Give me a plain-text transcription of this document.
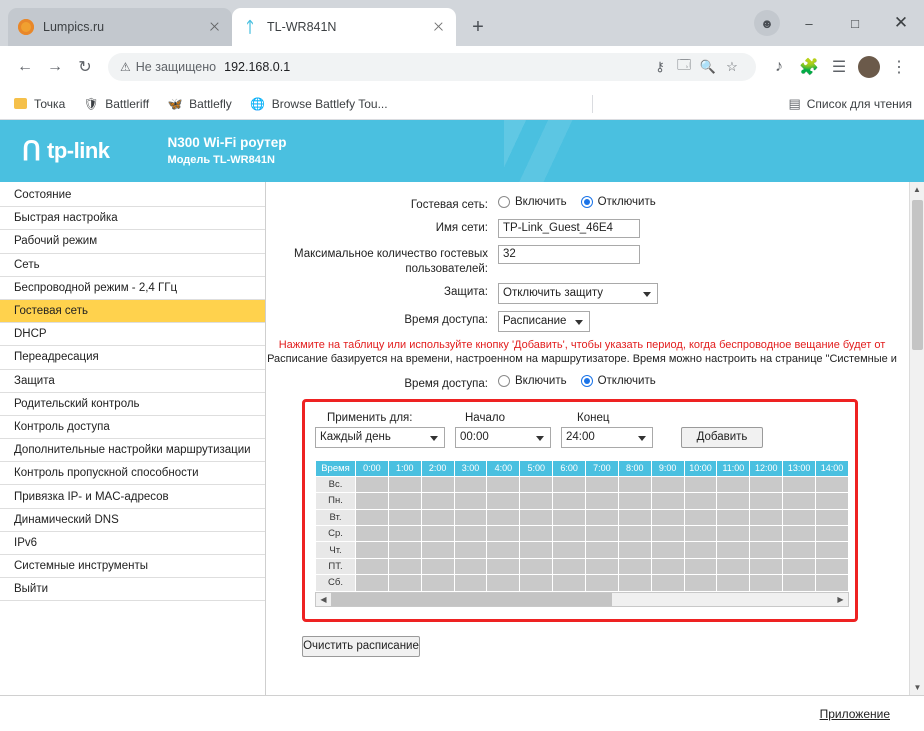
Lumpics.ru	ᛏ TL-WR841N	+	☻	–	□	✕
← → ↻	⚠ Не защищено 192.168.0.1	⚷ 🗔 🔍 ☆	♪	🧩 ☰	⋮
Точка 🛡 Battleriff 🦋 Battlefly 🌐 Browse Battlefy Tou...	▤ Список для чтения
ᑎ tp-link	N300 Wi-Fi роутер
Модель TL-WR841N
Состояние
Быстрая настройка
Рабочий режим
Сеть
Беспроводной режим - 2,4 ГГц
Гостевая сеть
DHCP
Переадресация
Защита
Родительский контроль
Контроль доступа
Дополнительные настройки маршрутизации
Контроль пропускной способности
Привязка IP- и MAC-адресов
Динамический DNS
IPv6
Системные инструменты
Выйти
Гостевая сеть:	Включить	Отключить
Имя сети:	TP-Link_Guest_46E4
Максимальное количество гостевых пользователей:
32
Защита:	Отключить защиту
Время доступа:	Расписание
Нажмите на таблицу или используйте кнопку 'Добавить', чтобы указать период, когда беспроводное вещание будет от
Расписание базируется на времени, настроенном на маршрутизаторе. Время можно настроить на странице "Системные и
Время доступа:	Включить	Отключить
Применить для:	Начало	Конец
Каждый день	00:00	24:00	Добавить
Время	0:00	1:00	2:00	3:00	4:00	5:00	6:00	7:00	8:00	9:00	10:00	11:00	12:00	13:00	14:00
Вс.															
Пн.															
Вт.															
Ср.															
Чт.															
ПТ.															
Сб.															
◀	▶
Очистить расписание
▲
▼
Приложение
